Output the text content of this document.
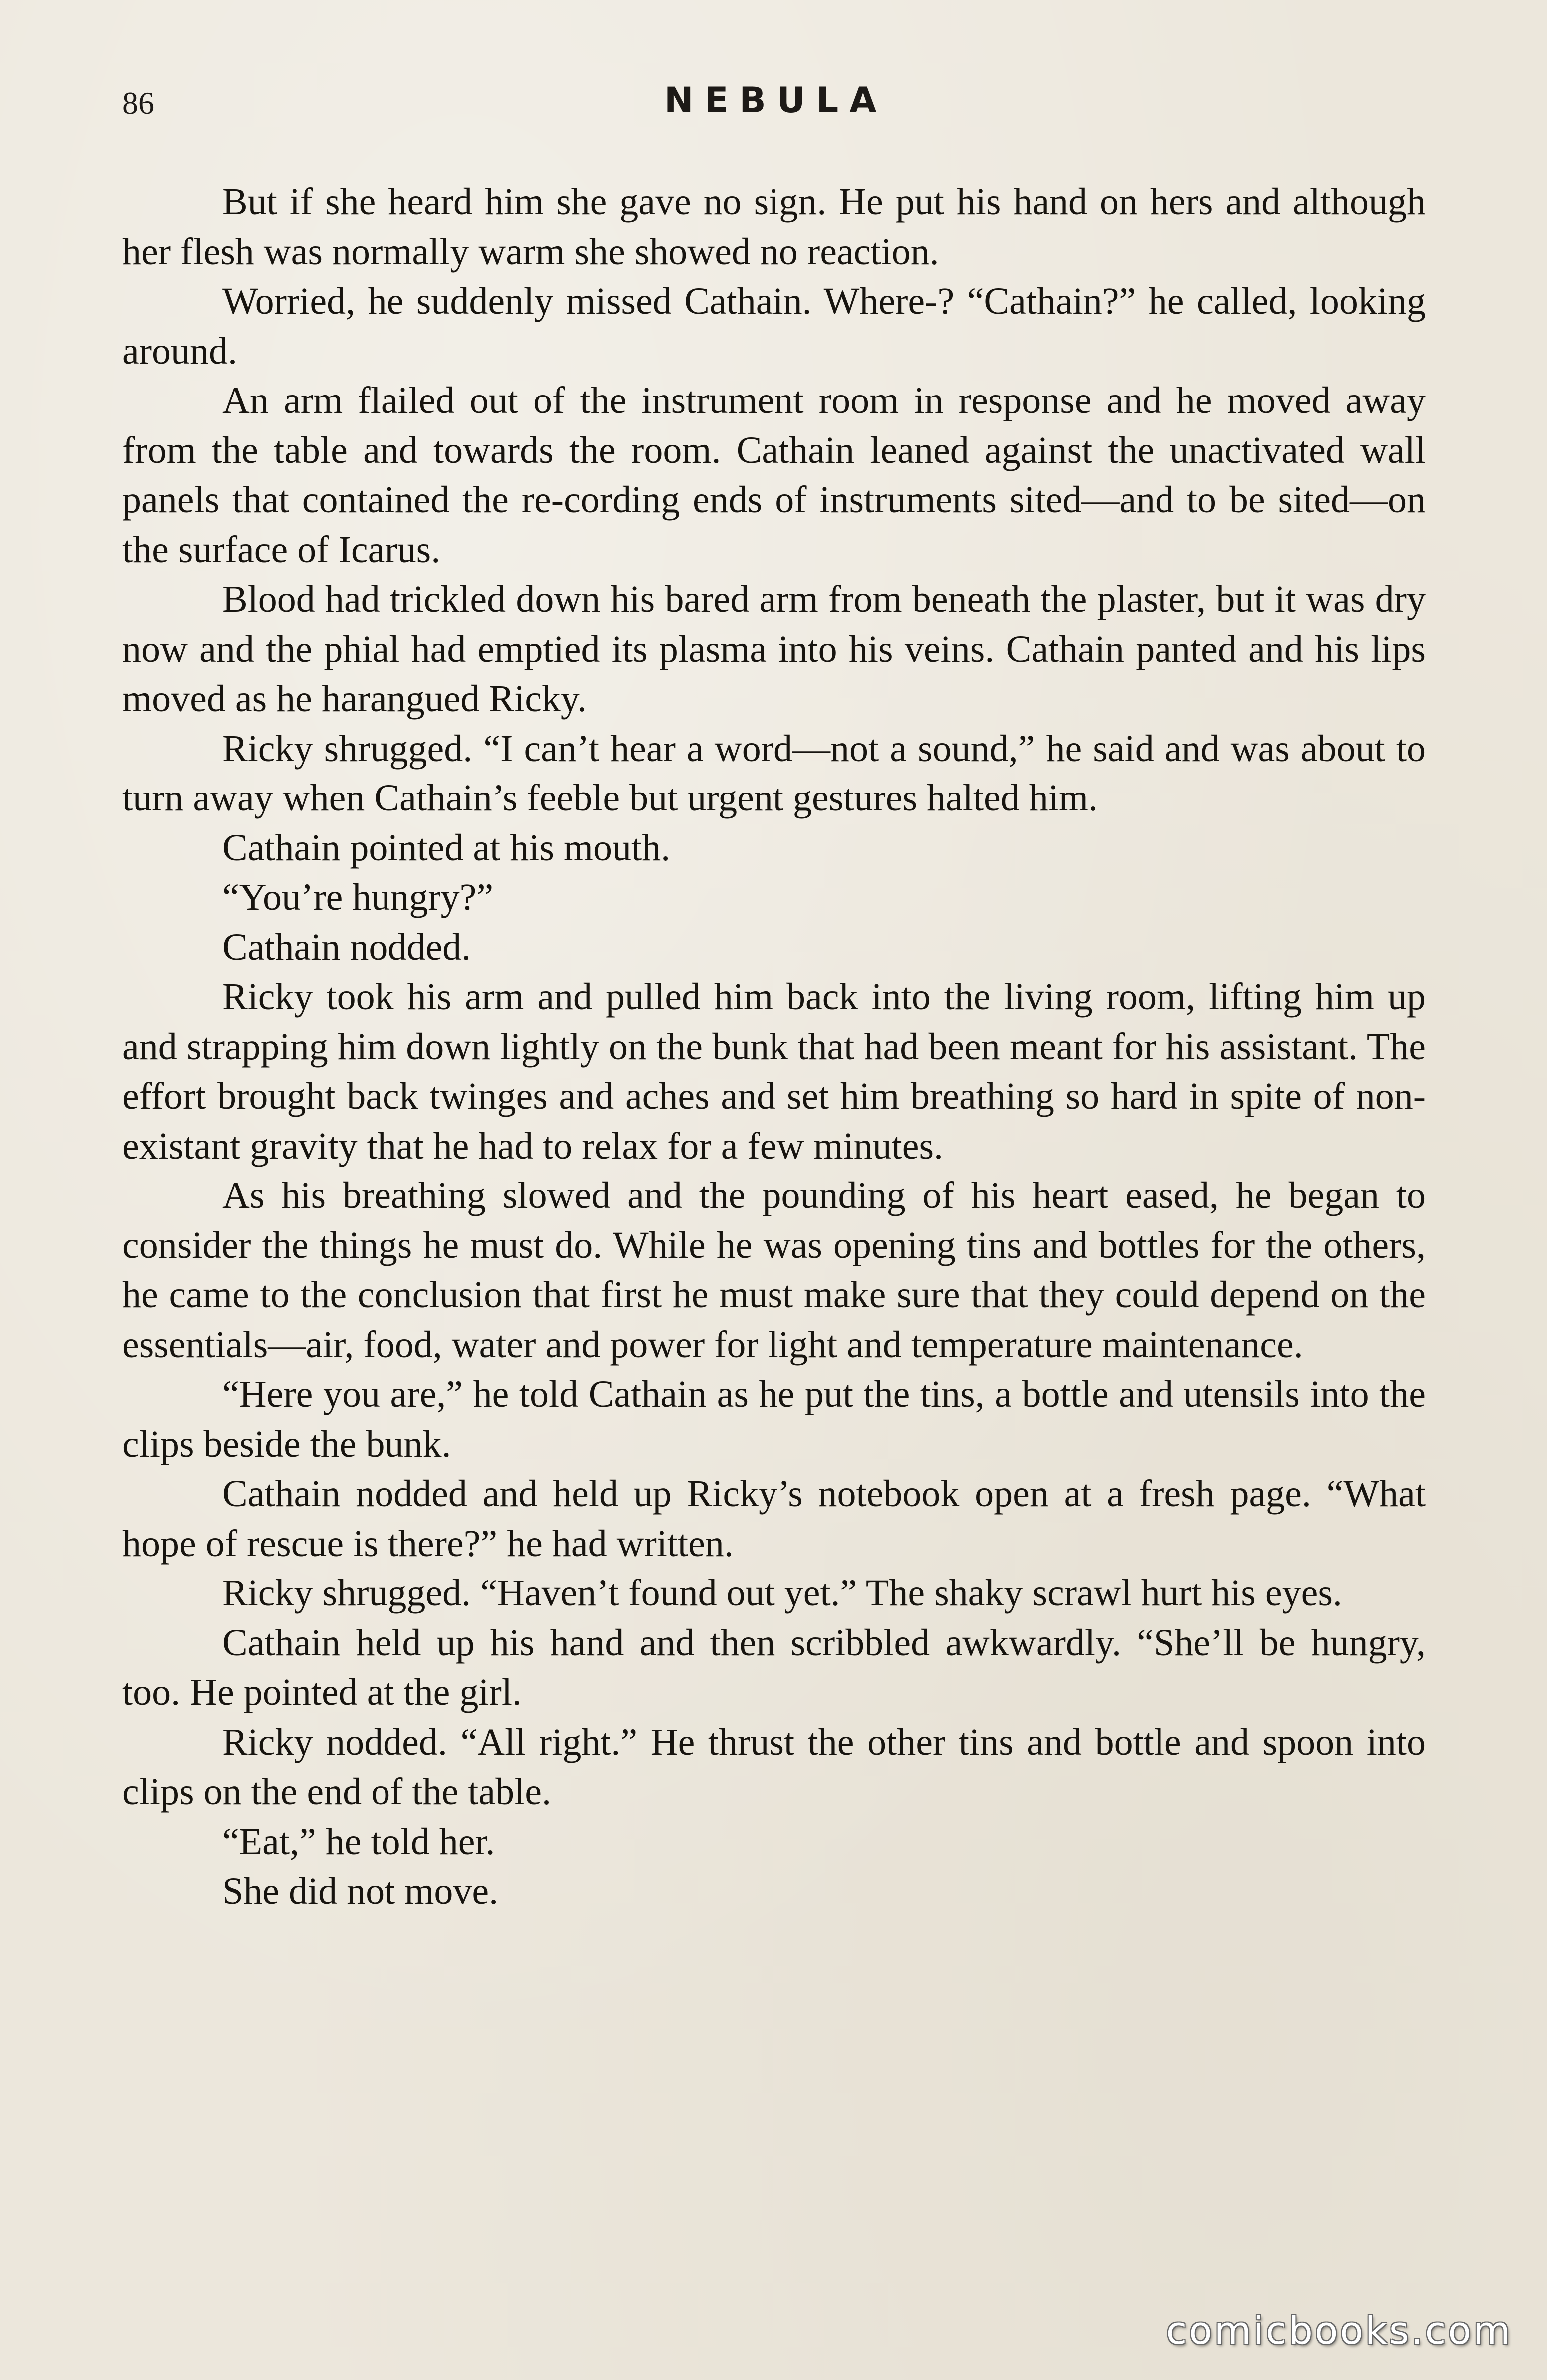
86	NEBULA

But if she heard him she gave no sign. He put his hand on hers and although her flesh was normally warm she showed no reaction.

Worried, he suddenly missed Cathain. Where-? “Cathain?” he called, looking around.

An arm flailed out of the instrument room in response and he moved away from the table and towards the room. Cathain leaned against the unactivated wall panels that contained the re-cording ends of instruments sited—and to be sited—on the surface of Icarus.

Blood had trickled down his bared arm from beneath the plaster, but it was dry now and the phial had emptied its plasma into his veins. Cathain panted and his lips moved as he harangued Ricky.

Ricky shrugged. “I can’t hear a word—not a sound,” he said and was about to turn away when Cathain’s feeble but urgent gestures halted him.

Cathain pointed at his mouth.

“You’re hungry?”

Cathain nodded.

Ricky took his arm and pulled him back into the living room, lifting him up and strapping him down lightly on the bunk that had been meant for his assistant. The effort brought back twinges and aches and set him breathing so hard in spite of non-existant gravity that he had to relax for a few minutes.

As his breathing slowed and the pounding of his heart eased, he began to consider the things he must do. While he was opening tins and bottles for the others, he came to the conclusion that first he must make sure that they could depend on the essentials—air, food, water and power for light and temperature maintenance.

“Here you are,” he told Cathain as he put the tins, a bottle and utensils into the clips beside the bunk.

Cathain nodded and held up Ricky’s notebook open at a fresh page. “What hope of rescue is there?” he had written.

Ricky shrugged. “Haven’t found out yet.” The shaky scrawl hurt his eyes.

Cathain held up his hand and then scribbled awkwardly. “She’ll be hungry, too. He pointed at the girl.

Ricky nodded. “All right.” He thrust the other tins and bottle and spoon into clips on the end of the table.

“Eat,” he told her.

She did not move.

comicbooks.com
